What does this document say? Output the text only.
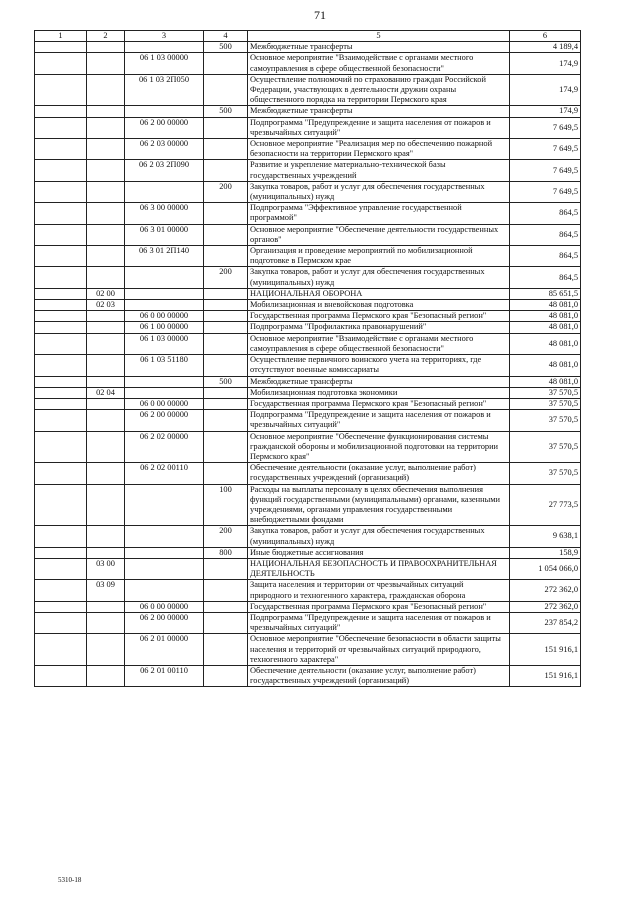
71
1	2	3	4	5	6
			500	Межбюджетные трансферты	4 189,4
		06 1 03 00000		Основное мероприятие "Взаимодействие с органами местного самоуправления в сфере общественной безопасности"	174,9
		06 1 03 2П050		Осуществление полномочий по страхованию граждан Российской Федерации, участвующих в деятельности дружин охраны общественного порядка на территории Пермского края	174,9
			500	Межбюджетные трансферты	174,9
		06 2 00 00000		Подпрограмма "Предупреждение и защита населения от пожаров и чрезвычайных ситуаций"	7 649,5
		06 2 03 00000		Основное мероприятие "Реализация мер по обеспечению пожарной безопасности на территории Пермского края"	7 649,5
		06 2 03 2П090		Развитие и укрепление материально-технической базы государственных учреждений	7 649,5
			200	Закупка товаров, работ и услуг для обеспечения государственных (муниципальных) нужд	7 649,5
		06 3 00 00000		Подпрограмма "Эффективное управление государственной программой"	864,5
		06 3 01 00000		Основное мероприятие "Обеспечение деятельности государственных органов"	864,5
		06 3 01 2П140		Организация и проведение мероприятий по мобилизационной подготовке в Пермском крае	864,5
			200	Закупка товаров, работ и услуг для обеспечения государственных (муниципальных) нужд	864,5
	02 00			НАЦИОНАЛЬНАЯ ОБОРОНА	85 651,5
	02 03			Мобилизационная и вневойсковая подготовка	48 081,0
		06 0 00 00000		Государственная программа Пермского края "Безопасный регион"	48 081,0
		06 1 00 00000		Подпрограмма "Профилактика правонарушений"	48 081,0
		06 1 03 00000		Основное мероприятие "Взаимодействие с органами местного самоуправления в сфере общественной безопасности"	48 081,0
		06 1 03 51180		Осуществление первичного воинского учета на территориях, где отсутствуют военные комиссариаты	48 081,0
			500	Межбюджетные трансферты	48 081,0
	02 04			Мобилизационная подготовка экономики	37 570,5
		06 0 00 00000		Государственная программа Пермского края "Безопасный регион"	37 570,5
		06 2 00 00000		Подпрограмма "Предупреждение и защита населения от пожаров и чрезвычайных ситуаций"	37 570,5
		06 2 02 00000		Основное мероприятие "Обеспечение функционирования системы гражданской обороны и мобилизационной подготовки на территории Пермского края"	37 570,5
		06 2 02 00110		Обеспечение деятельности (оказание услуг, выполнение работ) государственных учреждений (организаций)	37 570,5
			100	Расходы на выплаты персоналу в целях обеспечения выполнения функций государственными (муниципальными) органами, казенными учреждениями, органами управления государственными внебюджетными фондами	27 773,5
			200	Закупка товаров, работ и услуг для обеспечения государственных (муниципальных) нужд	9 638,1
			800	Иные бюджетные ассигнования	158,9
	03 00			НАЦИОНАЛЬНАЯ БЕЗОПАСНОСТЬ И ПРАВООХРАНИТЕЛЬНАЯ ДЕЯТЕЛЬНОСТЬ	1 054 066,0
	03 09			Защита населения и территории от чрезвычайных ситуаций природного и техногенного характера, гражданская оборона	272 362,0
		06 0 00 00000		Государственная программа Пермского края "Безопасный регион"	272 362,0
		06 2 00 00000		Подпрограмма "Предупреждение и защита населения от пожаров и чрезвычайных ситуаций"	237 854,2
		06 2 01 00000		Основное мероприятие "Обеспечение безопасности в области защиты населения и территорий от чрезвычайных ситуаций природного, техногенного характера"	151 916,1
		06 2 01 00110		Обеспечение деятельности (оказание услуг, выполнение работ) государственных учреждений (организаций)	151 916,1
5310-18
